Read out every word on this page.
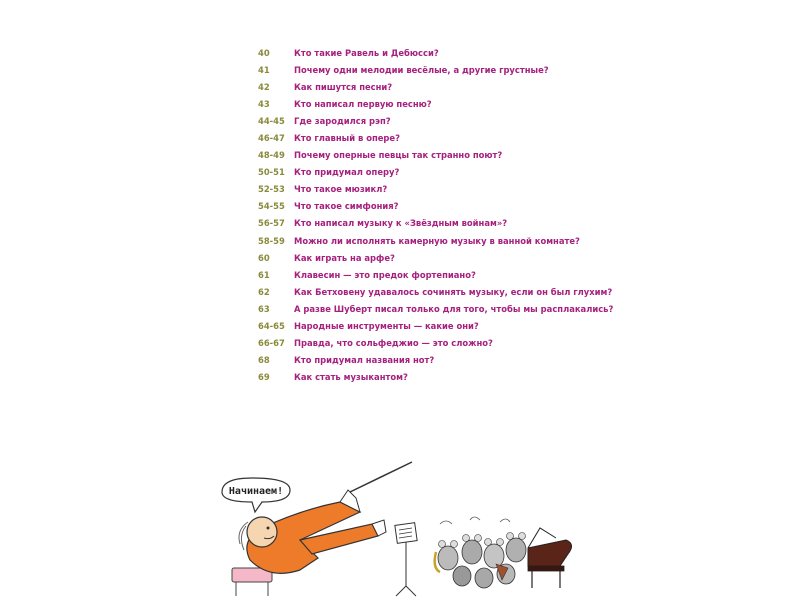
40	Кто такие Равель и Дебюсси?
41	Почему одни мелодии весёлые, а другие грустные?
42	Как пишутся песни?
43	Кто написал первую песню?
44-45	Где зародился рэп?
46-47	Кто главный в опере?
48-49	Почему оперные певцы так странно поют?
50-51	Кто придумал оперу?
52-53	Что такое мюзикл?
54-55	Что такое симфония?
56-57	Кто написал музыку к «Звёздным войнам»?
58-59	Можно ли исполнять камерную музыку в ванной комнате?
60	Как играть на арфе?
61	Клавесин — это предок фортепиано?
62	Как Бетховену удавалось сочинять музыку, если он был глухим?
63	А разве Шуберт писал только для того, чтобы мы расплакались?
64-65	Народные инструменты — какие они?
66-67	Правда, что сольфеджио — это сложно?
68	Кто придумал названия нот?
69	Как стать музыкантом?
Начинаем!
